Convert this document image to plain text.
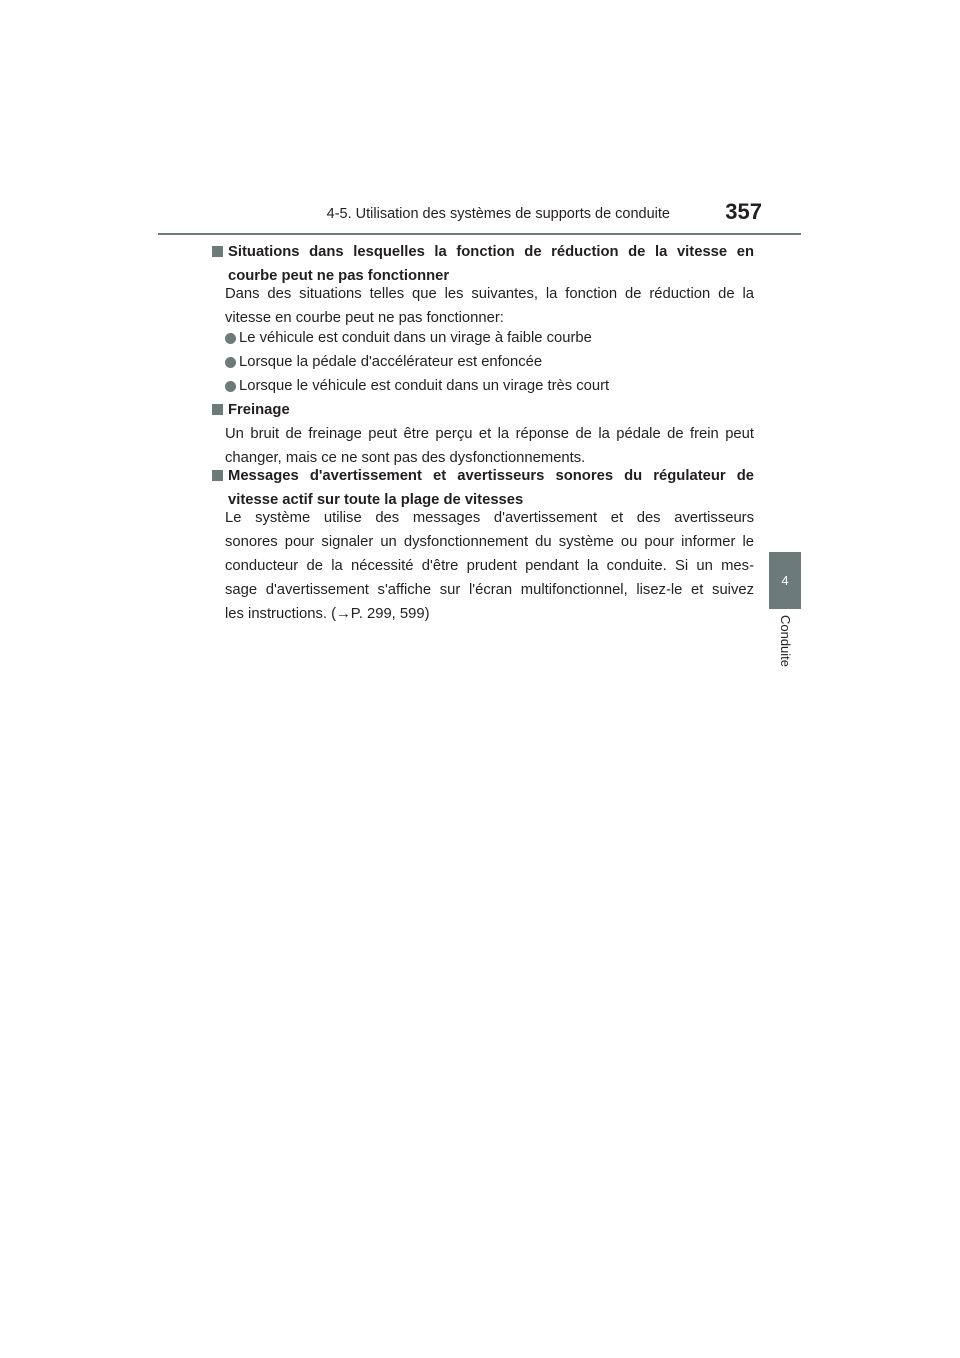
4-5. Utilisation des systèmes de supports de conduite	357
4
Conduite
Situations dans lesquelles la fonction de réduction de la vitesse en
courbe peut ne pas fonctionner
Dans des situations telles que les suivantes, la fonction de réduction de la
vitesse en courbe peut ne pas fonctionner:
Le véhicule est conduit dans un virage à faible courbe
Lorsque la pédale d'accélérateur est enfoncée
Lorsque le véhicule est conduit dans un virage très court
Freinage
Un bruit de freinage peut être perçu et la réponse de la pédale de frein peut
changer, mais ce ne sont pas des dysfonctionnements.
Messages d'avertissement et avertisseurs sonores du régulateur de
vitesse actif sur toute la plage de vitesses
Le système utilise des messages d'avertissement et des avertisseurs
sonores pour signaler un dysfonctionnement du système ou pour informer le
conducteur de la nécessité d'être prudent pendant la conduite. Si un mes-
sage d'avertissement s'affiche sur l'écran multifonctionnel, lisez-le et suivez
les instructions. (→P. 299, 599)
